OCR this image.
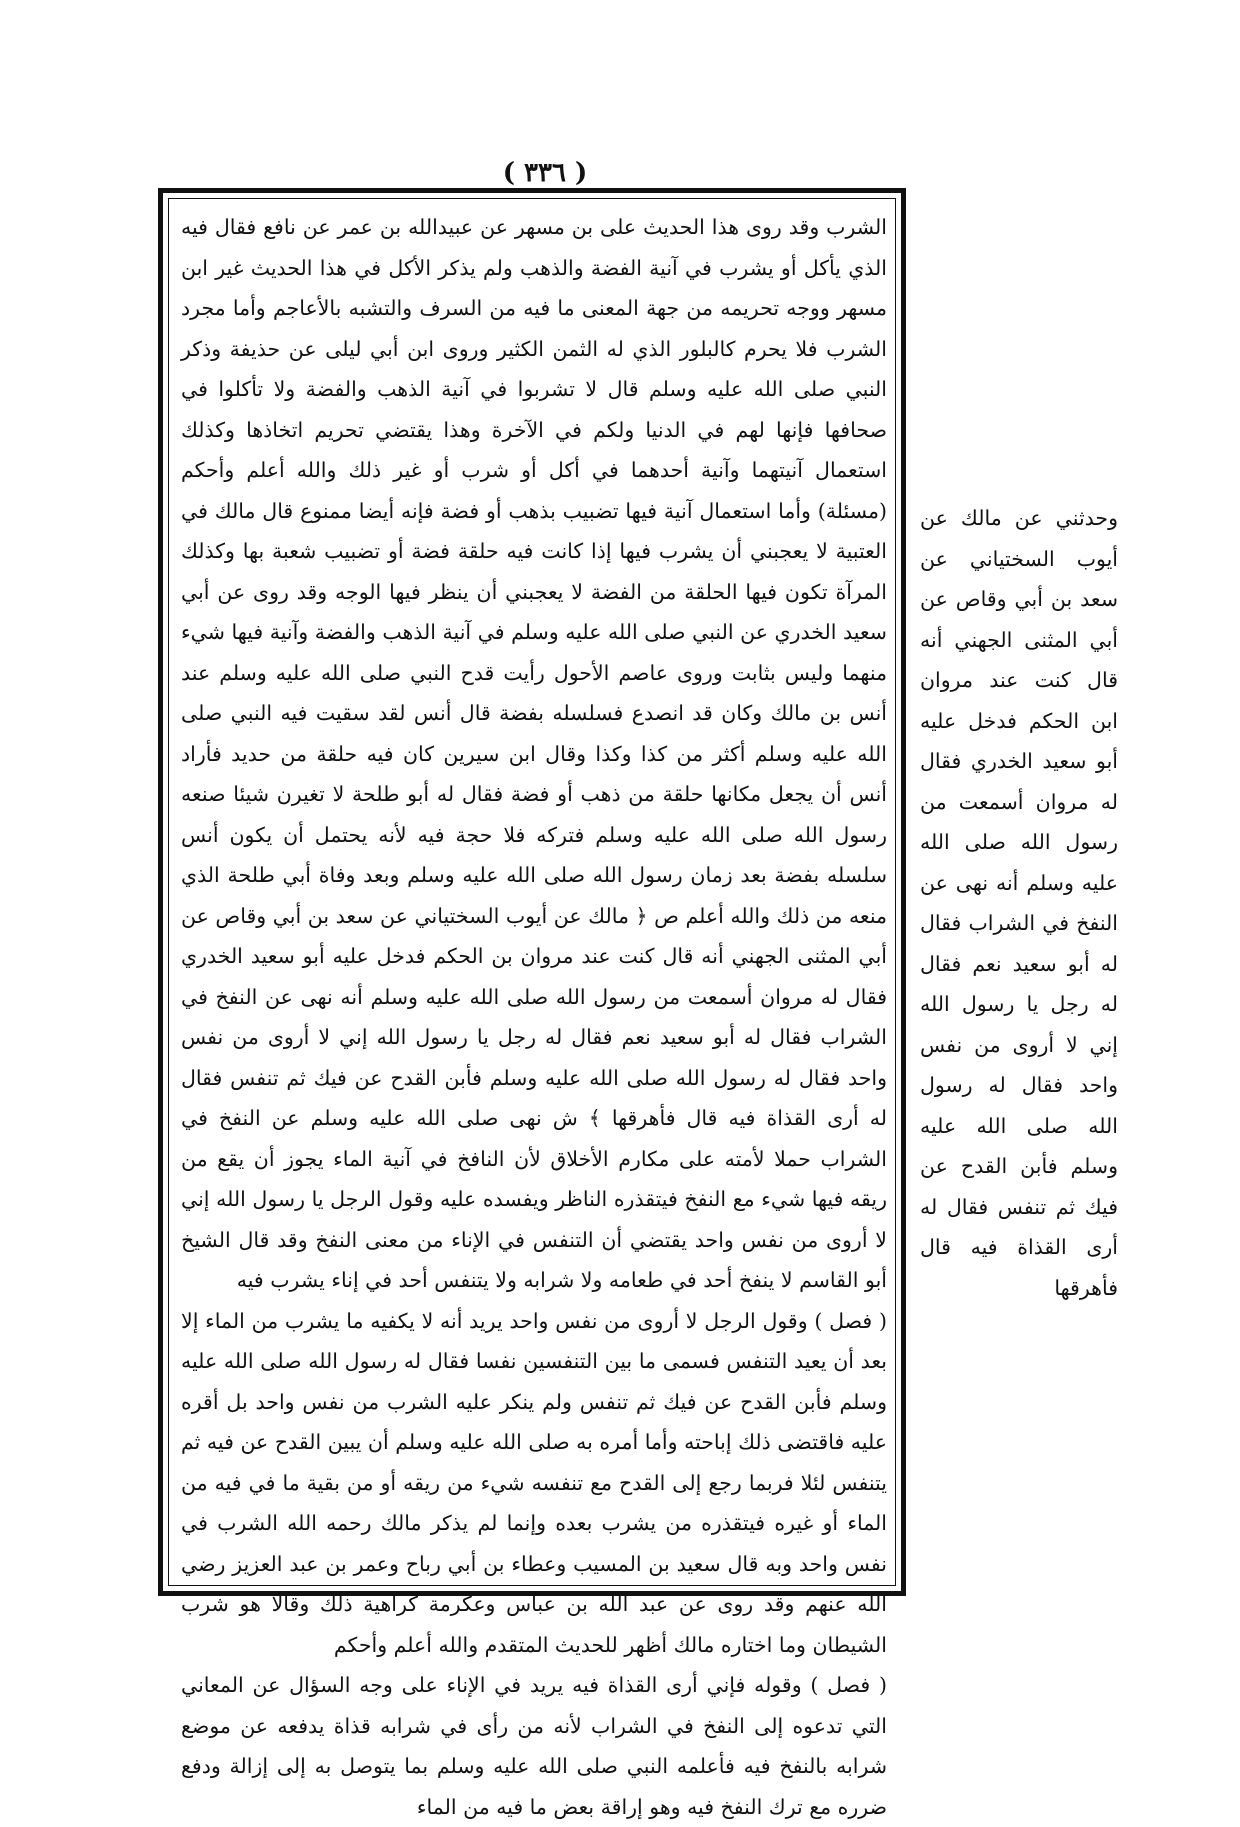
( ٣٣٦ )

الشرب وقد روى هذا الحديث على بن مسهر عن عبيدالله بن عمر عن نافع فقال فيه الذي يأكل أو يشرب في آنية الفضة والذهب ولم يذكر الأكل في هذا الحديث غير ابن مسهر ووجه تحريمه من جهة المعنى ما فيه من السرف والتشبه بالأعاجم وأما مجرد الشرب فلا يحرم كالبلور الذي له الثمن الكثير وروى ابن أبي ليلى عن حذيفة وذكر النبي صلى الله عليه وسلم قال لا تشربوا في آنية الذهب والفضة ولا تأكلوا في صحافها فإنها لهم في الدنيا ولكم في الآخرة وهذا يقتضي تحريم اتخاذها وكذلك استعمال آنيتهما وآنية أحدهما في أكل أو شرب أو غير ذلك والله أعلم وأحكم (مسئلة) وأما استعمال آنية فيها تضبيب بذهب أو فضة فإنه أيضا ممنوع قال مالك في العتبية لا يعجبني أن يشرب فيها إذا كانت فيه حلقة فضة أو تضبيب شعبة بها وكذلك المرآة تكون فيها الحلقة من الفضة لا يعجبني أن ينظر فيها الوجه وقد روى عن أبي سعيد الخدري عن النبي صلى الله عليه وسلم في آنية الذهب والفضة وآنية فيها شيء منهما وليس بثابت وروى عاصم الأحول رأيت قدح النبي صلى الله عليه وسلم عند أنس بن مالك وكان قد انصدع فسلسله بفضة قال أنس لقد سقيت فيه النبي صلى الله عليه وسلم أكثر من كذا وكذا وقال ابن سيرين كان فيه حلقة من حديد فأراد أنس أن يجعل مكانها حلقة من ذهب أو فضة فقال له أبو طلحة لا تغيرن شيئا صنعه رسول الله صلى الله عليه وسلم فتركه فلا حجة فيه لأنه يحتمل أن يكون أنس سلسله بفضة بعد زمان رسول الله صلى الله عليه وسلم وبعد وفاة أبي طلحة الذي منعه من ذلك والله أعلم ص ﴿ مالك عن أيوب السختياني عن سعد بن أبي وقاص عن أبي المثنى الجهني أنه قال كنت عند مروان بن الحكم فدخل عليه أبو سعيد الخدري فقال له مروان أسمعت من رسول الله صلى الله عليه وسلم أنه نهى عن النفخ في الشراب فقال له أبو سعيد نعم فقال له رجل يا رسول الله إني لا أروى من نفس واحد فقال له رسول الله صلى الله عليه وسلم فأبن القدح عن فيك ثم تنفس فقال له أرى القذاة فيه قال فأهرقها ﴾ ش نهى صلى الله عليه وسلم عن النفخ في الشراب حملا لأمته على مكارم الأخلاق لأن النافخ في آنية الماء يجوز أن يقع من ريقه فيها شيء مع النفخ فيتقذره الناظر ويفسده عليه وقول الرجل يا رسول الله إني لا أروى من نفس واحد يقتضي أن التنفس في الإناء من معنى النفخ وقد قال الشيخ أبو القاسم لا ينفخ أحد في طعامه ولا شرابه ولا يتنفس أحد في إناء يشرب فيه

( فصل ) وقول الرجل لا أروى من نفس واحد يريد أنه لا يكفيه ما يشرب من الماء إلا بعد أن يعيد التنفس فسمى ما بين التنفسين نفسا فقال له رسول الله صلى الله عليه وسلم فأبن القدح عن فيك ثم تنفس ولم ينكر عليه الشرب من نفس واحد بل أقره عليه فاقتضى ذلك إباحته وأما أمره به صلى الله عليه وسلم أن يبين القدح عن فيه ثم يتنفس لئلا فربما رجع إلى القدح مع تنفسه شيء من ريقه أو من بقية ما في فيه من الماء أو غيره فيتقذره من يشرب بعده وإنما لم يذكر مالك رحمه الله الشرب في نفس واحد وبه قال سعيد بن المسيب وعطاء بن أبي رباح وعمر بن عبد العزيز رضي الله عنهم وقد روى عن عبد الله بن عباس وعكرمة كراهية ذلك وقالا هو شرب الشيطان وما اختاره مالك أظهر للحديث المتقدم والله أعلم وأحكم

( فصل ) وقوله فإني أرى القذاة فيه يريد في الإناء على وجه السؤال عن المعاني التي تدعوه إلى النفخ في الشراب لأنه من رأى في شرابه قذاة يدفعه عن موضع شرابه بالنفخ فيه فأعلمه النبي صلى الله عليه وسلم بما يتوصل به إلى إزالة ودفع ضرره مع ترك النفخ فيه وهو إراقة بعض ما فيه من الماء

وحدثني عن مالك عن أيوب السختياني عن سعد بن أبي وقاص عن أبي المثنى الجهني أنه قال كنت عند مروان ابن الحكم فدخل عليه أبو سعيد الخدري فقال له مروان أسمعت من رسول الله صلى الله عليه وسلم أنه نهى عن النفخ في الشراب فقال له أبو سعيد نعم فقال له رجل يا رسول الله إني لا أروى من نفس واحد فقال له رسول الله صلى الله عليه وسلم فأبن القدح عن فيك ثم تنفس فقال له أرى القذاة فيه قال فأهرقها
